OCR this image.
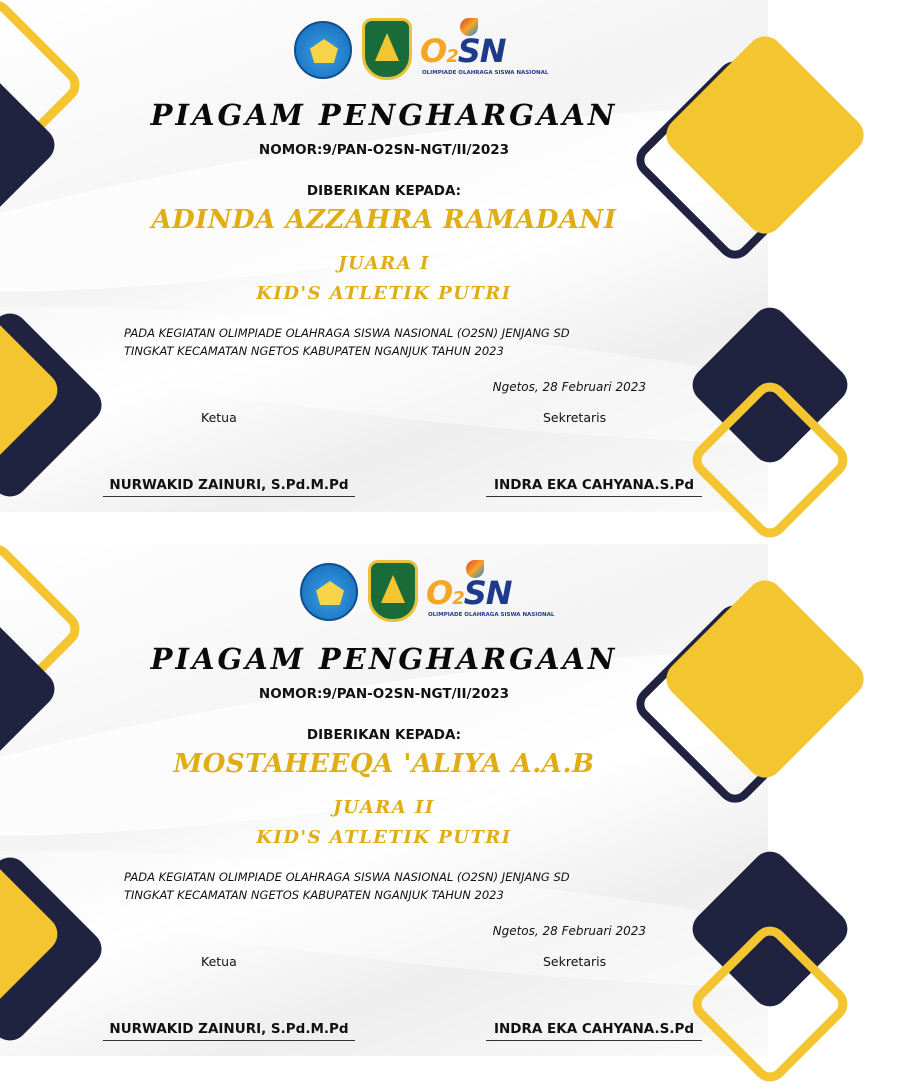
O2SN
OLIMPIADE OLAHRAGA SISWA NASIONAL
PIAGAM PENGHARGAAN
NOMOR:9/PAN-O2SN-NGT/II/2023
DIBERIKAN KEPADA:
ADINDA AZZAHRA RAMADANI
JUARA I
KID'S ATLETIK PUTRI
PADA KEGIATAN OLIMPIADE OLAHRAGA SISWA NASIONAL (O2SN) JENJANG SD
TINGKAT KECAMATAN NGETOS KABUPATEN NGANJUK TAHUN 2023
Ngetos, 28 Februari 2023
Ketua	Sekretaris
NURWAKID ZAINURI, S.Pd.M.Pd	INDRA EKA CAHYANA.S.Pd
O2SN
OLIMPIADE OLAHRAGA SISWA NASIONAL
PIAGAM PENGHARGAAN
NOMOR:9/PAN-O2SN-NGT/II/2023
DIBERIKAN KEPADA:
MOSTAHEEQA 'ALIYA A.A.B
JUARA II
KID'S ATLETIK PUTRI
PADA KEGIATAN OLIMPIADE OLAHRAGA SISWA NASIONAL (O2SN) JENJANG SD
TINGKAT KECAMATAN NGETOS KABUPATEN NGANJUK TAHUN 2023
Ngetos, 28 Februari 2023
Ketua	Sekretaris
NURWAKID ZAINURI, S.Pd.M.Pd	INDRA EKA CAHYANA.S.Pd
